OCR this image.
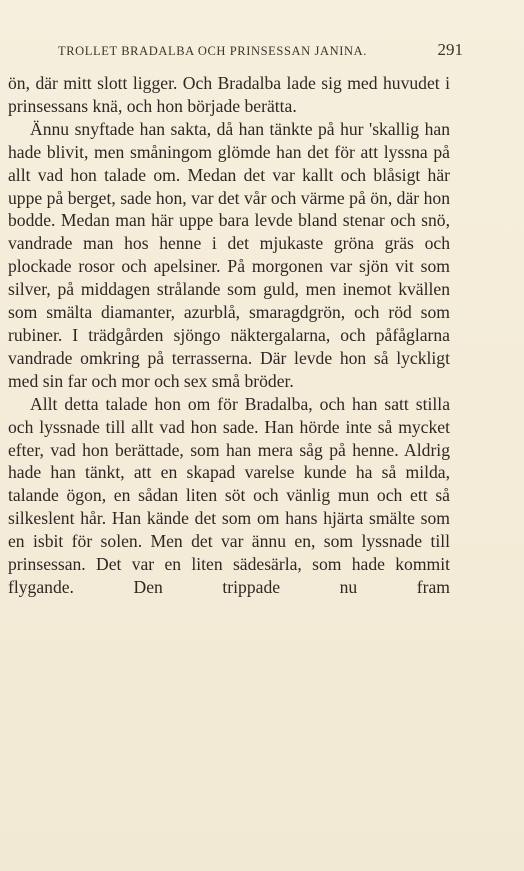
TROLLET BRADALBA OCH PRINSESSAN JANINA.	291

ön, där mitt slott ligger. Och Bradalba lade sig med huvudet i prinsessans knä, och hon började berätta.

Ännu snyftade han sakta, då han tänkte på hur 'skallig han hade blivit, men småningom glömde han det för att lyssna på allt vad hon talade om. Medan det var kallt och blåsigt här uppe på berget, sade hon, var det vår och värme på ön, där hon bodde. Medan man här uppe bara levde bland stenar och snö, vandrade man hos henne i det mjukaste gröna gräs och plockade rosor och apelsiner. På morgonen var sjön vit som silver, på middagen strålande som guld, men inemot kvällen som smälta diamanter, azurblå, smaragdgrön, och röd som rubiner. I trädgården sjöngo näktergalarna, och påfåglarna vandrade omkring på terrasserna. Där levde hon så lyckligt med sin far och mor och sex små bröder.

Allt detta talade hon om för Bradalba, och han satt stilla och lyssnade till allt vad hon sade. Han hörde inte så mycket efter, vad hon berättade, som han mera såg på henne. Aldrig hade han tänkt, att en skapad varelse kunde ha så milda, talande ögon, en sådan liten söt och vänlig mun och ett så silkeslent hår. Han kände det som om hans hjärta smälte som en isbit för solen. Men det var ännu en, som lyssnade till prinsessan. Det var en liten sädesärla, som hade kommit flygande. Den trippade nu fram
